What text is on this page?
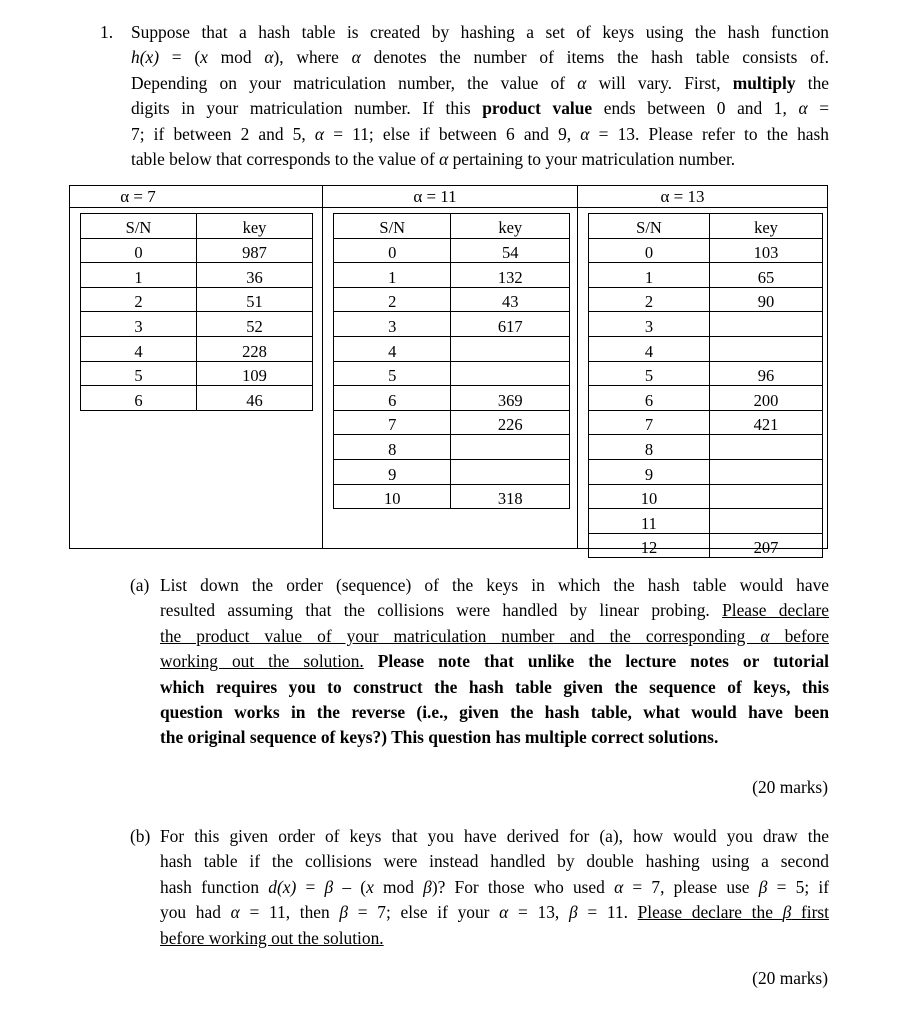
1. Suppose that a hash table is created by hashing a set of keys using the hash function
h(x) = (x mod α), where α denotes the number of items the hash table consists of.
Depending on your matriculation number, the value of α will vary. First, multiply the
digits in your matriculation number. If this product value ends between 0 and 1, α =
7; if between 2 and 5, α = 11; else if between 6 and 9, α = 13. Please refer to the hash
table below that corresponds to the value of α pertaining to your matriculation number.
α = 7
S/N	key
0	987
1	36
2	51
3	52
4	228
5	109
6	46
α = 11
S/N	key
0	54
1	132
2	43
3	617
4	
5	
6	369
7	226
8	
9	
10	318
α = 13
S/N	key
0	103
1	65
2	90
3	
4	
5	96
6	200
7	421
8	
9	
10	
11	
12	207
(a) List down the order (sequence) of the keys in which the hash table would have
resulted assuming that the collisions were handled by linear probing. Please declare
the product value of your matriculation number and the corresponding α before
working out the solution. Please note that unlike the lecture notes or tutorial
which requires you to construct the hash table given the sequence of keys, this
question works in the reverse (i.e., given the hash table, what would have been
the original sequence of keys?) This question has multiple correct solutions.
(20 marks)
(b) For this given order of keys that you have derived for (a), how would you draw the
hash table if the collisions were instead handled by double hashing using a second
hash function d(x) = β – (x mod β)? For those who used α = 7, please use β = 5; if
you had α = 11, then β = 7; else if your α = 13, β = 11. Please declare the β first
before working out the solution.
(20 marks)
